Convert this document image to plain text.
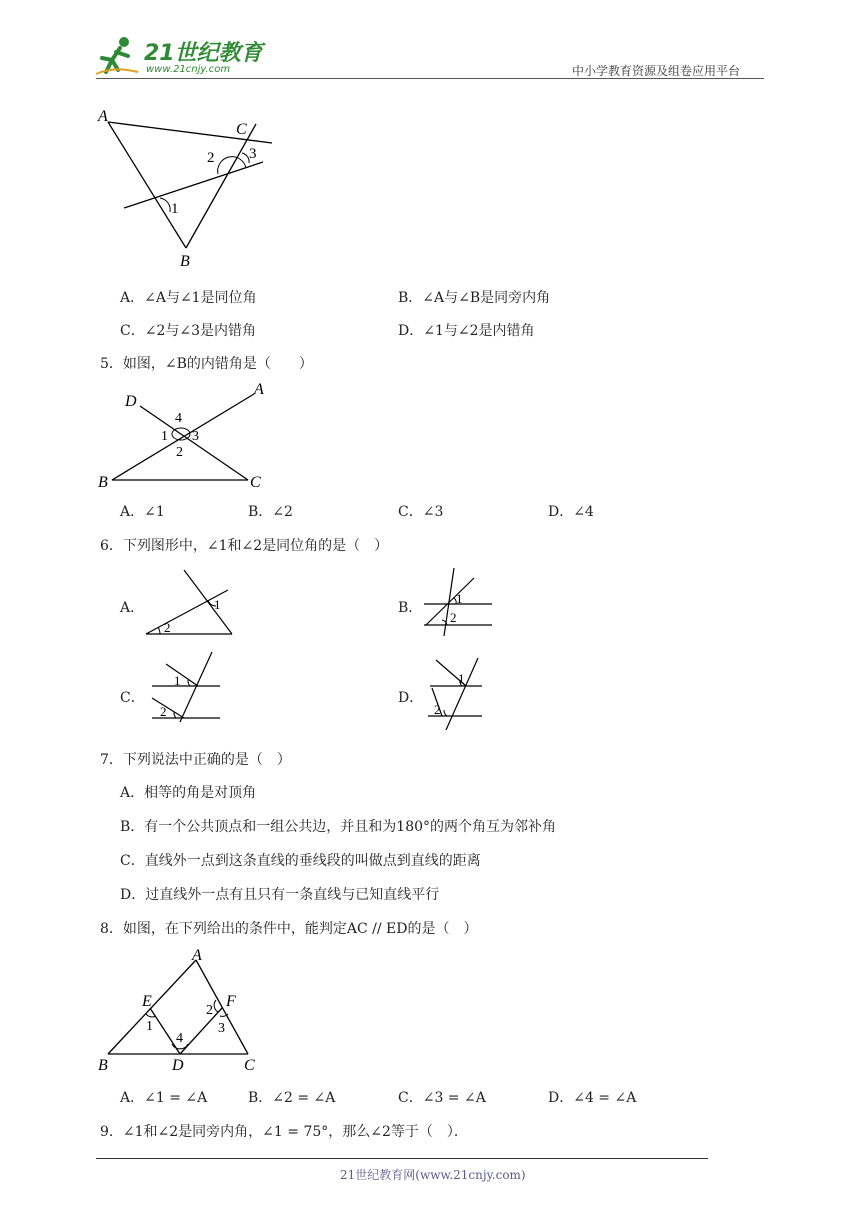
21世纪教育
www.21cnjy.com	中小学教育资源及组卷应用平台
A
B
C
1
2 3
A．∠A与∠1是同位角	B．∠A与∠B是同旁内角
C．∠2与∠3是内错角	D．∠1与∠2是内错角
5．如图，∠B的内错角是（　　）
D
A
B	C
4
1 3
2
A．∠1	B．∠2	C．∠3	D．∠4
6．下列图形中，∠1和∠2是同位角的是（　）
A．	1
2
B．
1
2
C．
1
2
D．
1
2
7．下列说法中正确的是（　）
A．相等的角是对顶角
B．有一个公共顶点和一组公共边，并且和为180°的两个角互为邻补角
C．直线外一点到这条直线的垂线段的叫做点到直线的距离
D．过直线外一点有且只有一条直线与已知直线平行
8．如图，在下列给出的条件中，能判定AC // ED的是（　）
A
B	C
D
E	F
1
2
3
4
A．∠1 = ∠A	B．∠2 = ∠A	C．∠3 = ∠A	D．∠4 = ∠A
9．∠1和∠2是同旁内角，∠1 = 75°，那么∠2等于（　）．
21世纪教育网(www.21cnjy.com)
